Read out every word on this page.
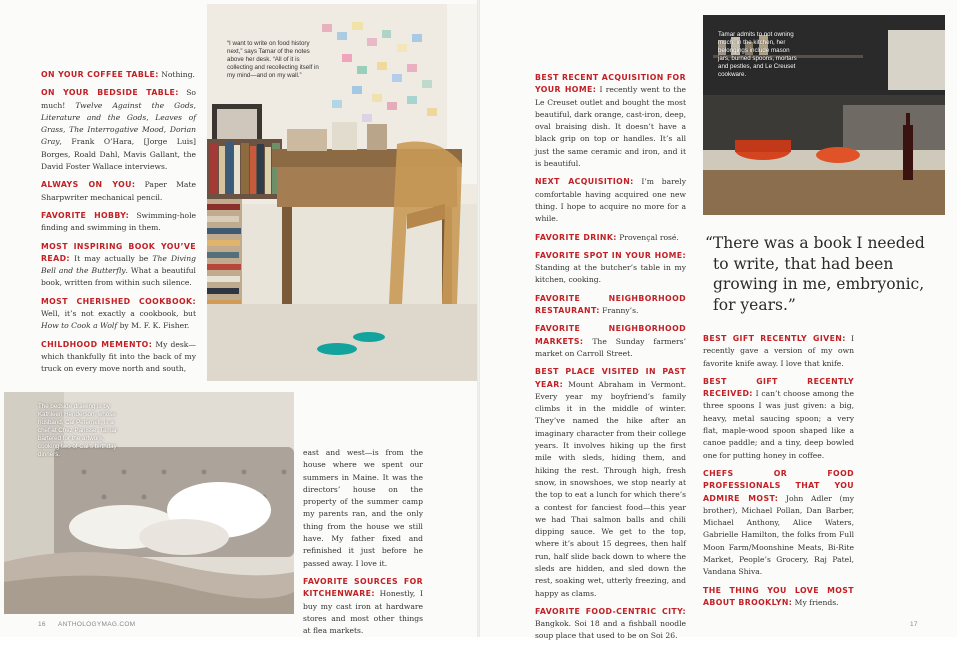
“I want to write on food history next,” says Tamar of the notes above her desk. “All of it is collecting and recollecting itself in my mind—and on my wall.”
Tamar admits to not owning much; in the kitchen, her belongings include mason jars, burned spoons, mortars and pestles, and Le Creuset cookware.
The bedside drawing is by Kathleen Henderson, whose husband, Cal Peternell, is a chef at Chez Panisse. Tamar bartered for the artwork, cooking two of Cal’s birthday dinners.

ON YOUR COFFEE TABLE: Nothing.

ON YOUR BEDSIDE TABLE: So much! Twelve Against the Gods, Literature and the Gods, Leaves of Grass, The Interrogative Mood, Dorian Gray, Frank O’Hara, [Jorge Luis] Borges, Roald Dahl, Mavis Gallant, the David Foster Wallace interviews.

ALWAYS ON YOU: Paper Mate Sharpwriter mechanical pencil.

FAVORITE HOBBY: Swimming-hole finding and swimming in them.

MOST INSPIRING BOOK YOU’VE READ: It may actually be The Diving Bell and the Butterfly. What a beautiful book, written from within such silence.

MOST CHERISHED COOKBOOK: Well, it’s not exactly a cookbook, but How to Cook a Wolf by M. F. K. Fisher.

CHILDHOOD MEMENTO: My desk—which thankfully fit into the back of my truck on every move north and south,

east and west—is from the house where we spent our summers in Maine. It was the directors’ house on the property of the summer camp my parents ran, and the only thing from the house we still have. My father fixed and refinished it just before he passed away. I love it.

FAVORITE SOURCES FOR KITCHENWARE: Honestly, I buy my cast iron at hardware stores and most other things at flea markets.

BEST RECENT ACQUISITION FOR YOUR HOME: I recently went to the Le Creuset outlet and bought the most beautiful, dark orange, cast-iron, deep, oval braising dish. It doesn’t have a black grip on top or handles. It’s all just the same ceramic and iron, and it is beautiful.

NEXT ACQUISITION: I’m barely comfortable having acquired one new thing. I hope to acquire no more for a while.

FAVORITE DRINK: Provençal rosé.

FAVORITE SPOT IN YOUR HOME: Standing at the butcher’s table in my kitchen, cooking.

FAVORITE NEIGHBORHOOD RESTAURANT: Franny’s.

FAVORITE NEIGHBORHOOD MARKETS: The Sunday farmers’ market on Carroll Street.

BEST PLACE VISITED IN PAST YEAR: Mount Abraham in Vermont. Every year my boyfriend’s family climbs it in the middle of winter. They’ve named the hike after an imaginary character from their college years. It involves hiking up the first mile with sleds, hiding them, and hiking the rest. Through high, fresh snow, in snowshoes, we stop nearly at the top to eat a lunch for which there’s a contest for fanciest food—this year we had Thai salmon balls and chili dipping sauce. We get to the top, where it’s about 15 degrees, then half run, half slide back down to where the sleds are hidden, and sled down the rest, soaking wet, utterly freezing, and happy as clams.

FAVORITE FOOD-CENTRIC CITY: Bangkok. Soi 18 and a fishball noodle soup place that used to be on Soi 26.

“There was a book I needed
to write, that had been
growing in me, embryonic,
for years.”

BEST GIFT RECENTLY GIVEN: I recently gave a version of my own favorite knife away. I love that knife.

BEST GIFT RECENTLY RECEIVED: I can’t choose among the three spoons I was just given: a big, heavy, metal saucing spoon; a very flat, maple-wood spoon shaped like a canoe paddle; and a tiny, deep bowled one for putting honey in coffee.

CHEFS OR FOOD PROFESSIONALS THAT YOU ADMIRE MOST: John Adler (my brother), Michael Pollan, Dan Barber, Michael Anthony, Alice Waters, Gabrielle Hamilton, the folks from Full Moon Farm/Moonshine Meats, Bi-Rite Market, People’s Grocery, Raj Patel, Vandana Shiva.

THE THING YOU LOVE MOST ABOUT BROOKLYN: My friends.

16 ANTHOLOGYMAG.COM	17
